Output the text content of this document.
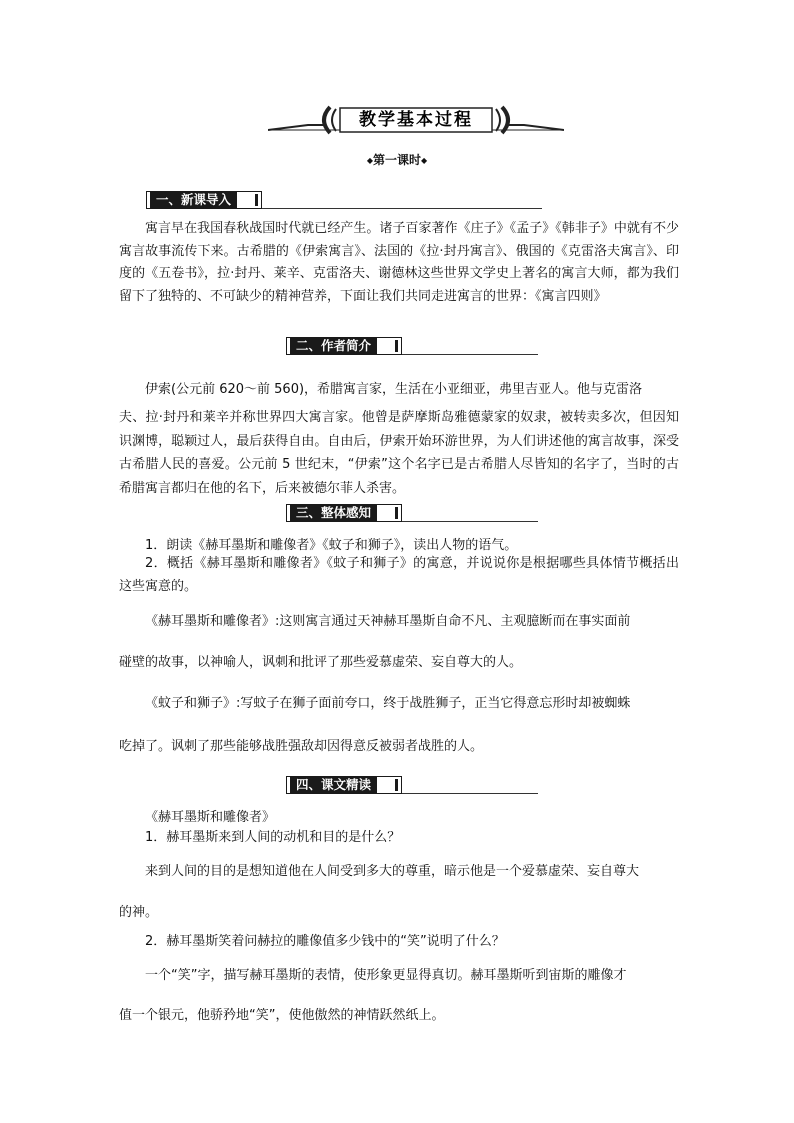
教学基本过程
◆第一课时◆
一、新课导入
寓言早在我国春秋战国时代就已经产生。诸子百家著作《庄子》《孟子》《韩非子》中就有不少寓言故事流传下来。古希腊的《伊索寓言》、法国的《拉·封丹寓言》、俄国的《克雷洛夫寓言》、印度的《五卷书》，拉·封丹、莱辛、克雷洛夫、谢德林这些世界文学史上著名的寓言大师，都为我们留下了独特的、不可缺少的精神营养，下面让我们共同走进寓言的世界：《寓言四则》
二、作者简介
伊索(公元前 620～前 560)，希腊寓言家，生活在小亚细亚，弗里吉亚人。他与克雷洛
夫、拉·封丹和莱辛并称世界四大寓言家。他曾是萨摩斯岛雅德蒙家的奴隶，被转卖多次，但因知识渊博，聪颖过人，最后获得自由。自由后，伊索开始环游世界，为人们讲述他的寓言故事，深受古希腊人民的喜爱。公元前 5 世纪末，“伊索”这个名字已是古希腊人尽皆知的名字了，当时的古希腊寓言都归在他的名下，后来被德尔菲人杀害。
三、整体感知
1．朗读《赫耳墨斯和雕像者》《蚊子和狮子》，读出人物的语气。
2．概括《赫耳墨斯和雕像者》《蚊子和狮子》的寓意，并说说你是根据哪些具体情节概括出这些寓意的。
《赫耳墨斯和雕像者》:这则寓言通过天神赫耳墨斯自命不凡、主观臆断而在事实面前
碰壁的故事，以神喻人，讽刺和批评了那些爱慕虚荣、妄自尊大的人。
《蚊子和狮子》:写蚊子在狮子面前夸口，终于战胜狮子，正当它得意忘形时却被蜘蛛
吃掉了。讽刺了那些能够战胜强敌却因得意反被弱者战胜的人。
四、课文精读
《赫耳墨斯和雕像者》
1．赫耳墨斯来到人间的动机和目的是什么？
来到人间的目的是想知道他在人间受到多大的尊重，暗示他是一个爱慕虚荣、妄自尊大
的神。
2．赫耳墨斯笑着问赫拉的雕像值多少钱中的“笑”说明了什么？
一个“笑”字，描写赫耳墨斯的表情，使形象更显得真切。赫耳墨斯听到宙斯的雕像才
值一个银元，他骄矜地“笑”，使他傲然的神情跃然纸上。
